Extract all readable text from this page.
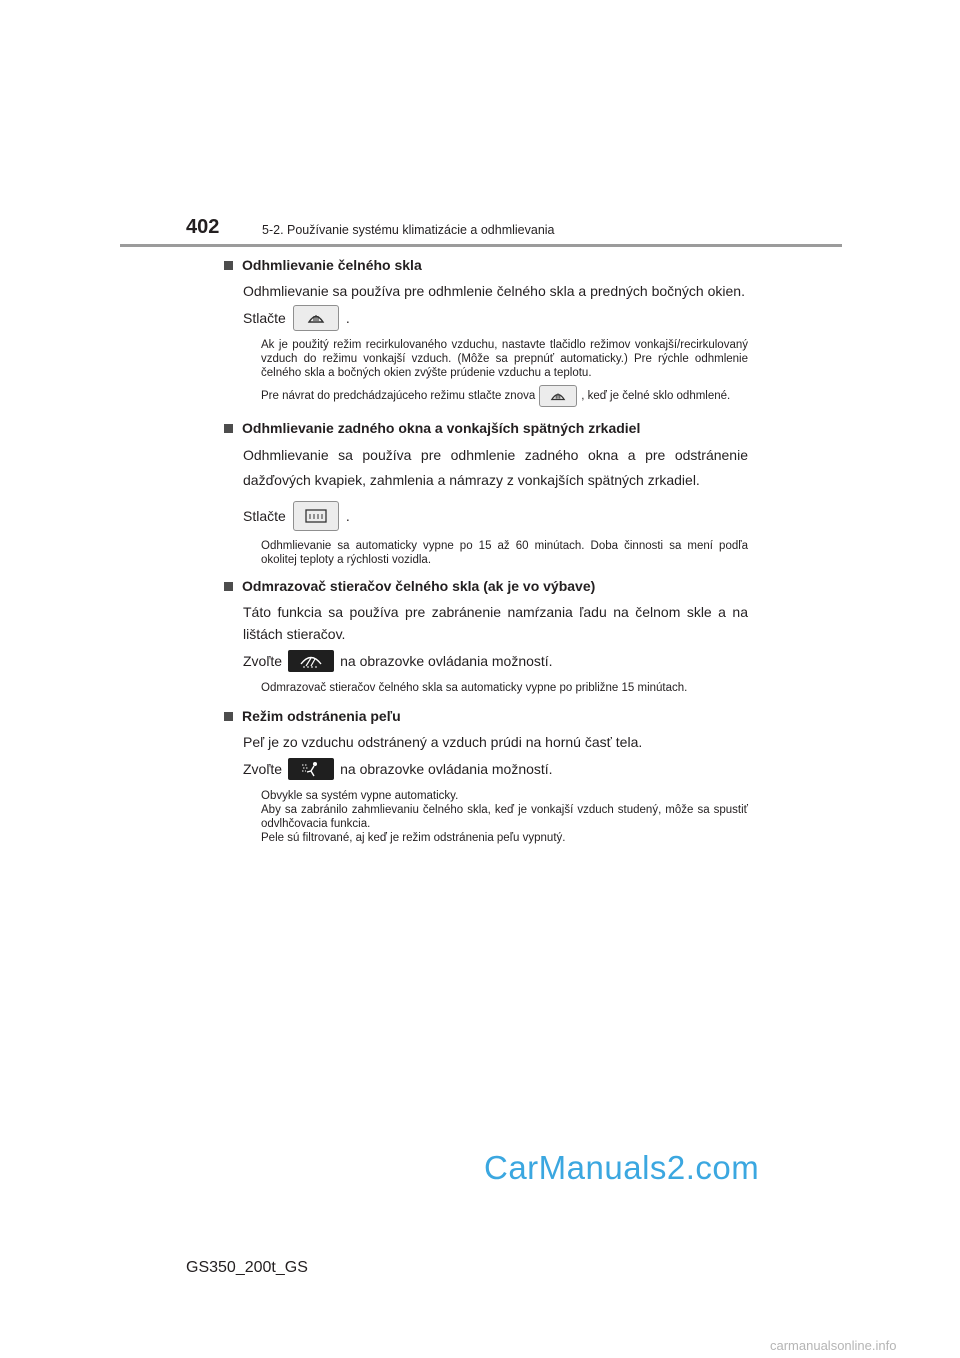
402	5-2. Používanie systému klimatizácie a odhmlievania
Odhmlievanie čelného skla
Odhmlievanie sa používa pre odhmlenie čelného skla a predných bočných okien.
Stlačte	.
Ak je použitý režim recirkulovaného vzduchu, nastavte tlačidlo režimov vonkajší/recirkulovaný vzduch do režimu vonkajší vzduch. (Môže sa prepnúť automaticky.) Pre rýchle odhmlenie čelného skla a bočných okien zvýšte prúdenie vzduchu a teplotu.
Pre návrat do predchádzajúceho režimu stlačte znova	, keď je čelné sklo odhmlené.
Odhmlievanie zadného okna a vonkajších spätných zrkadiel
Odhmlievanie sa používa pre odhmlenie zadného okna a pre odstránenie dažďových kvapiek, zahmlenia a námrazy z vonkajších spätných zrkadiel.
Stlačte	.
Odhmlievanie sa automaticky vypne po 15 až 60 minútach. Doba činnosti sa mení podľa okolitej teploty a rýchlosti vozidla.
Odmrazovač stieračov čelného skla (ak je vo výbave)
Táto funkcia sa používa pre zabránenie namŕzania ľadu na čelnom skle a na lištách stieračov.
Zvoľte	na obrazovke ovládania možností.
Odmrazovač stieračov čelného skla sa automaticky vypne po približne 15 minútach.
Režim odstránenia peľu
Peľ je zo vzduchu odstránený a vzduch prúdi na hornú časť tela.
Zvoľte	na obrazovke ovládania možností.
Obvykle sa systém vypne automaticky.
Aby sa zabránilo zahmlievaniu čelného skla, keď je vonkajší vzduch studený, môže sa spustiť odvlhčovacia funkcia.
Pele sú filtrované, aj keď je režim odstránenia peľu vypnutý.
CarManuals2.com
GS350_200t_GS
carmanualsonline.info
